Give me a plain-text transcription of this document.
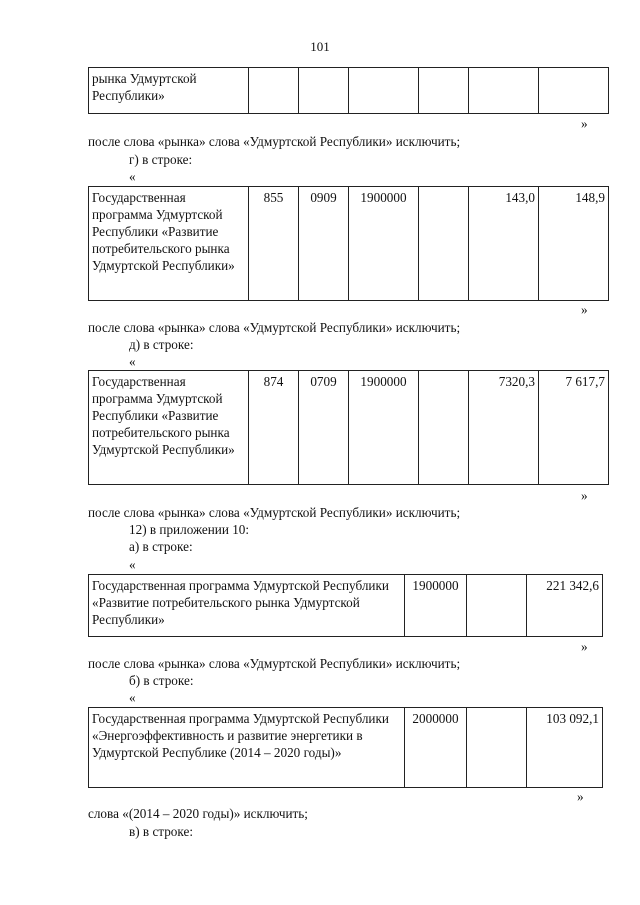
101
рынка Удмуртской Республики»						
»
после слова «рынка» слова «Удмуртской Республики» исключить;
г) в строке:
«
Государственная программа Удмуртской Республики «Развитие потребительского рынка Удмуртской Республики»	855	0909	1900000		143,0	148,9
»
после слова «рынка» слова «Удмуртской Республики» исключить;
д) в строке:
«
Государственная программа Удмуртской Республики «Развитие потребительского рынка Удмуртской Республики»	874	0709	1900000		7320,3	7 617,7
»
после слова «рынка» слова «Удмуртской Республики» исключить;
12) в приложении 10:
а) в строке:
«
Государственная программа Удмуртской Республики «Развитие потребительского рынка Удмуртской Республики»	1900000		221 342,6
»
после слова «рынка» слова «Удмуртской Республики» исключить;
б) в строке:
«
Государственная программа Удмуртской Республики «Энергоэффективность и развитие энергетики в Удмуртской Республике (2014 – 2020 годы)»	2000000		103 092,1
»
слова «(2014 – 2020 годы)» исключить;
в) в строке:
